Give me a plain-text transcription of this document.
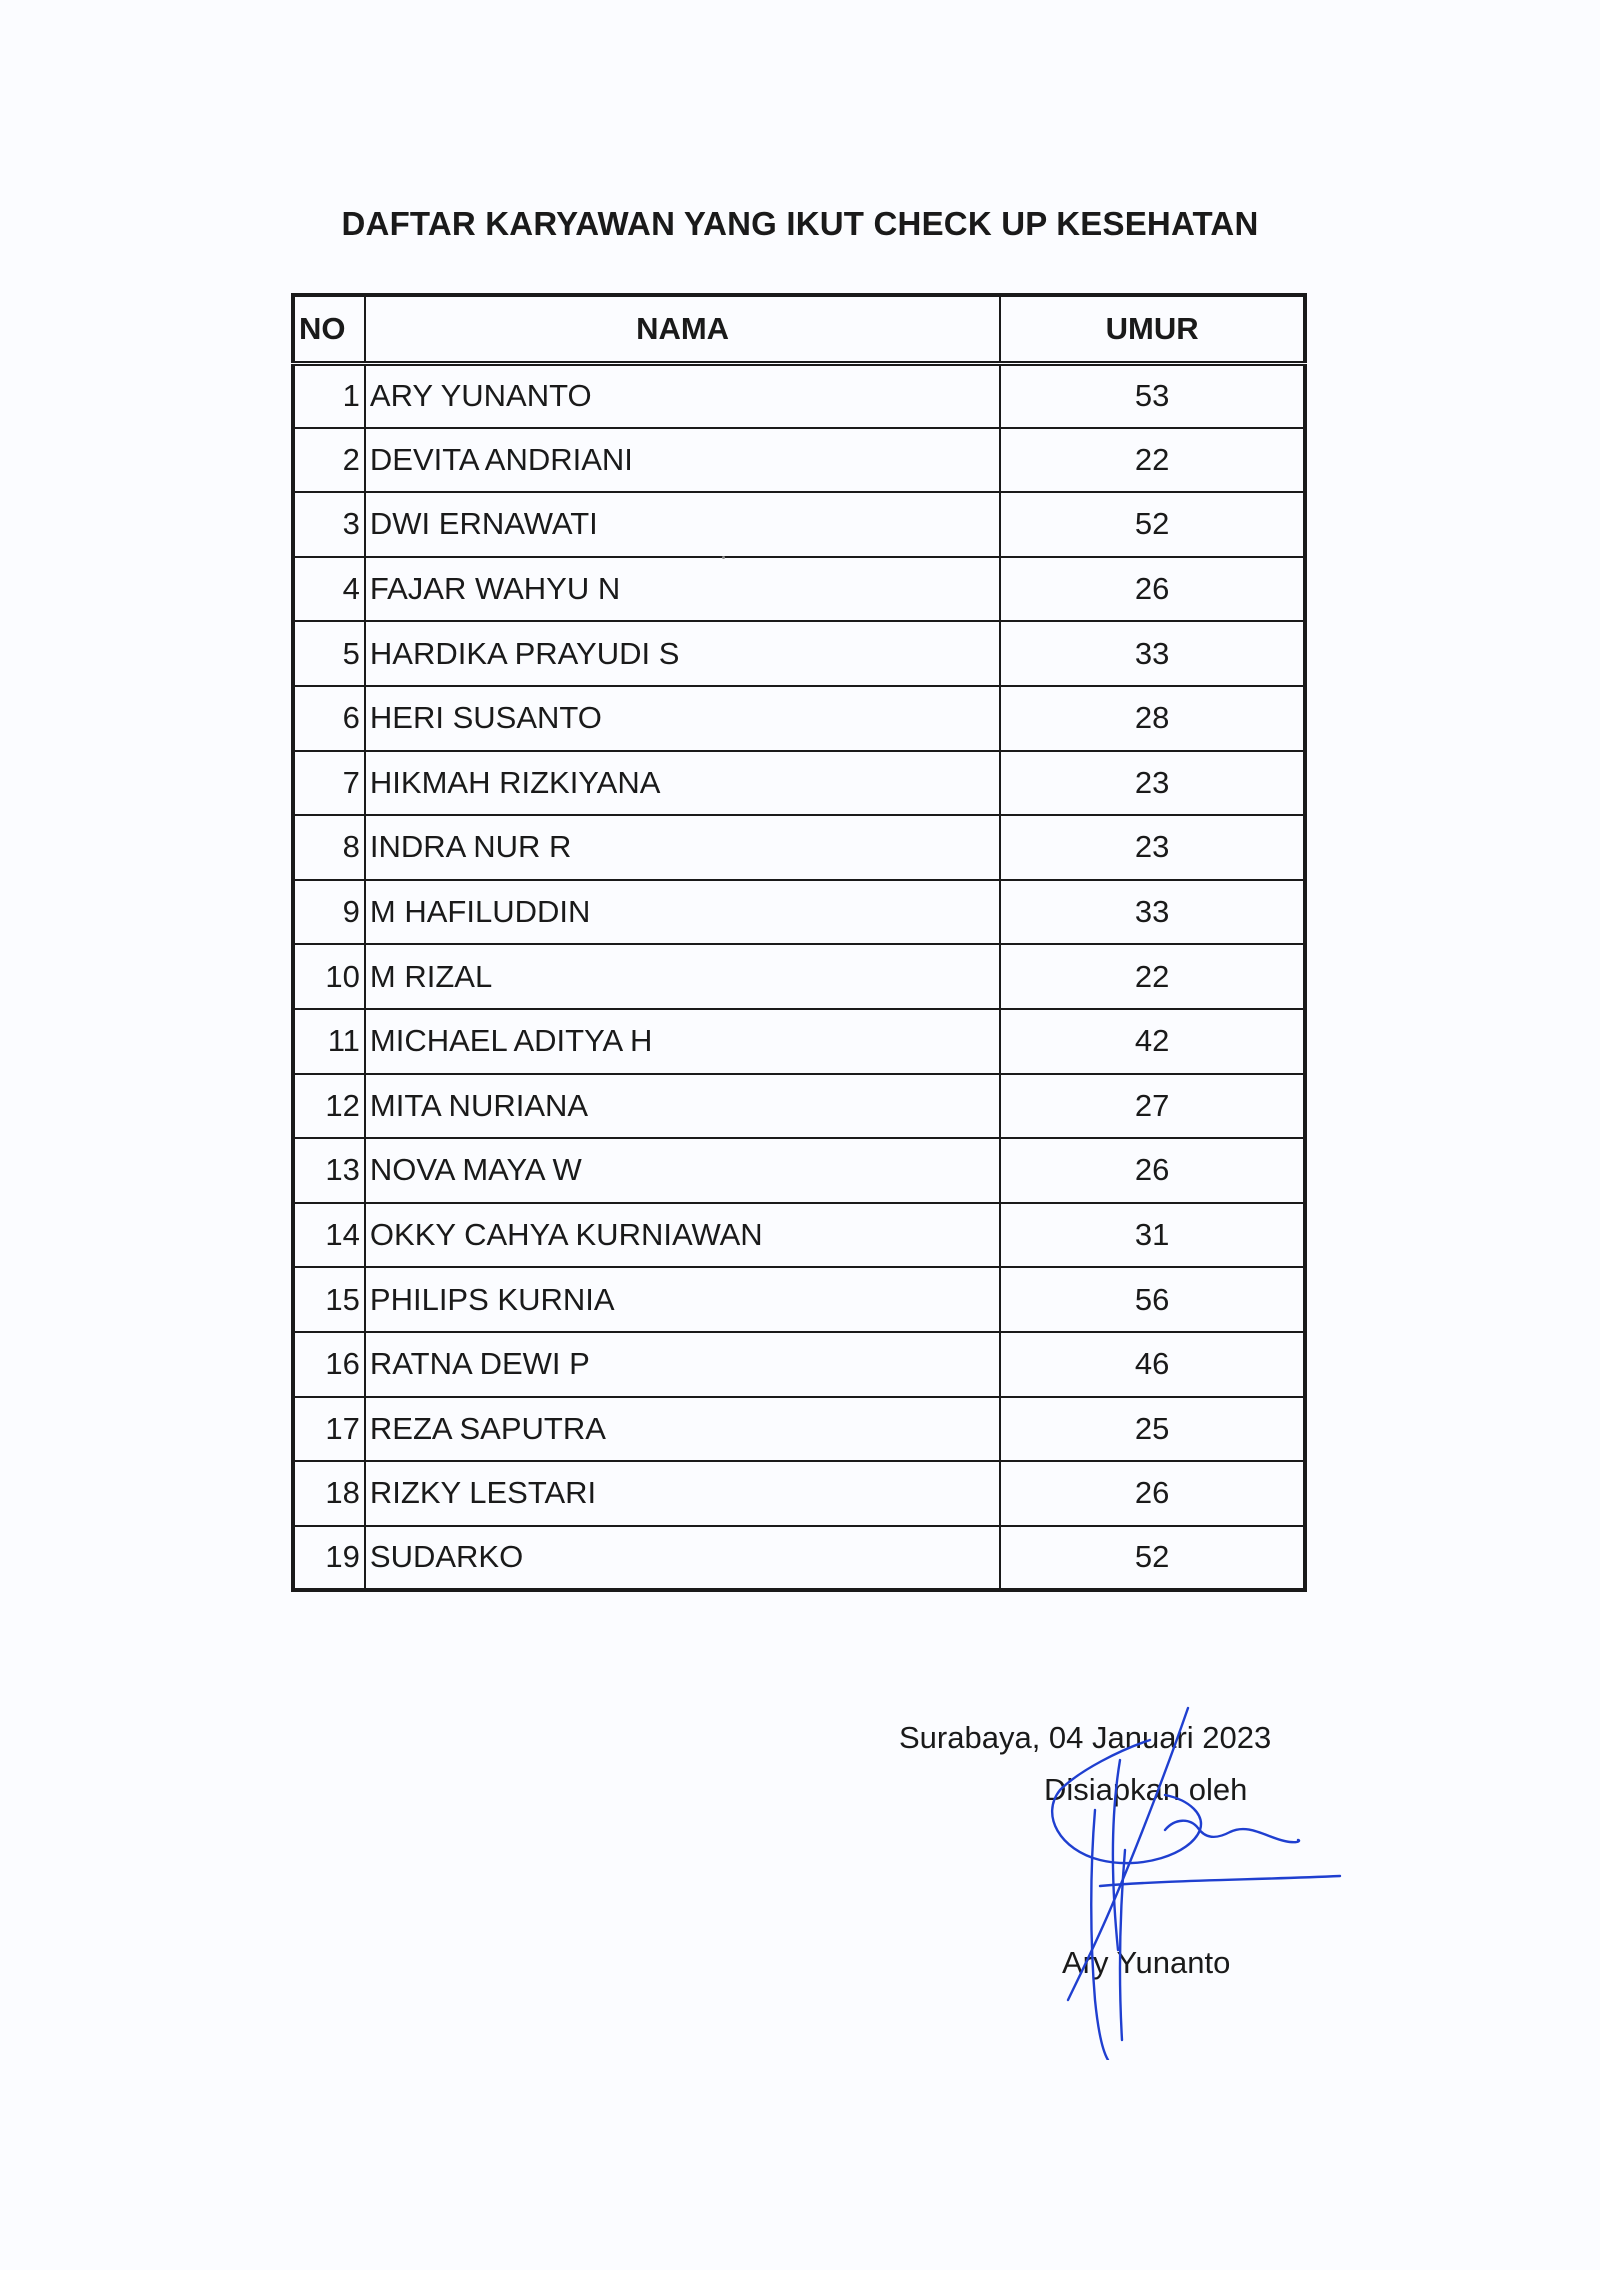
DAFTAR KARYAWAN YANG IKUT CHECK UP KESEHATAN
NO	NAMA	UMUR
1	ARY YUNANTO	53
2	DEVITA ANDRIANI	22
3	DWI ERNAWATI	52
4	FAJAR WAHYU N	26
5	HARDIKA PRAYUDI S	33
6	HERI SUSANTO	28
7	HIKMAH RIZKIYANA	23
8	INDRA NUR R	23
9	M HAFILUDDIN	33
10	M RIZAL	22
11	MICHAEL ADITYA H	42
12	MITA NURIANA	27
13	NOVA MAYA W	26
14	OKKY CAHYA KURNIAWAN	31
15	PHILIPS KURNIA	56
16	RATNA DEWI P	46
17	REZA SAPUTRA	25
18	RIZKY LESTARI	26
19	SUDARKO	52
Surabaya, 04 Januari 2023
Disiapkan oleh
Ary Yunanto
